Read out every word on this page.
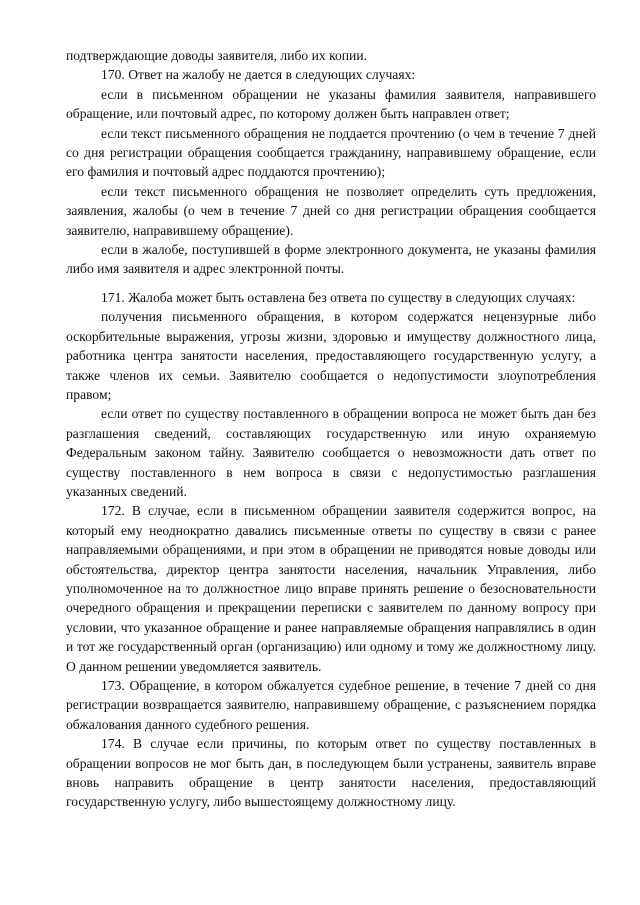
подтверждающие доводы заявителя, либо их копии.

170. Ответ на жалобу не дается в следующих случаях:

если в письменном обращении не указаны фамилия заявителя, направившего обращение, или почтовый адрес, по которому должен быть направлен ответ;

если текст письменного обращения не поддается прочтению (о чем в течение 7 дней со дня регистрации обращения сообщается гражданину, направившему обращение, если его фамилия и почтовый адрес поддаются прочтению);

если текст письменного обращения не позволяет определить суть предложения, заявления, жалобы (о чем в течение 7 дней со дня регистрации обращения сообщается заявителю, направившему обращение).

если в жалобе, поступившей в форме электронного документа, не указаны фамилия либо имя заявителя и адрес электронной почты.

171. Жалоба может быть оставлена без ответа по существу в следующих случаях:

получения письменного обращения, в котором содержатся нецензурные либо оскорбительные выражения, угрозы жизни, здоровью и имуществу должностного лица, работника центра занятости населения, предоставляющего государственную услугу, а также членов их семьи. Заявителю сообщается о недопустимости злоупотребления правом;

если ответ по существу поставленного в обращении вопроса не может быть дан без разглашения сведений, составляющих государственную или иную охраняемую Федеральным законом тайну. Заявителю сообщается о невозможности дать ответ по существу поставленного в нем вопроса в связи с недопустимостью разглашения указанных сведений.

172. В случае, если в письменном обращении заявителя содержится вопрос, на который ему неоднократно давались письменные ответы по существу в связи с ранее направляемыми обращениями, и при этом в обращении не приводятся новые доводы или обстоятельства, директор центра занятости населения, начальник Управления, либо уполномоченное на то должностное лицо вправе принять решение о безосновательности очередного обращения и прекращении переписки с заявителем по данному вопросу при условии, что указанное обращение и ранее направляемые обращения направлялись в один и тот же государственный орган (организацию) или одному и тому же должностному лицу. О данном решении уведомляется заявитель.

173. Обращение, в котором обжалуется судебное решение, в течение 7 дней со дня регистрации возвращается заявителю, направившему обращение, с разъяснением порядка обжалования данного судебного решения.

174. В случае если причины, по которым ответ по существу поставленных в обращении вопросов не мог быть дан, в последующем были устранены, заявитель вправе вновь направить обращение в центр занятости населения, предоставляющий государственную услугу, либо вышестоящему должностному лицу.
